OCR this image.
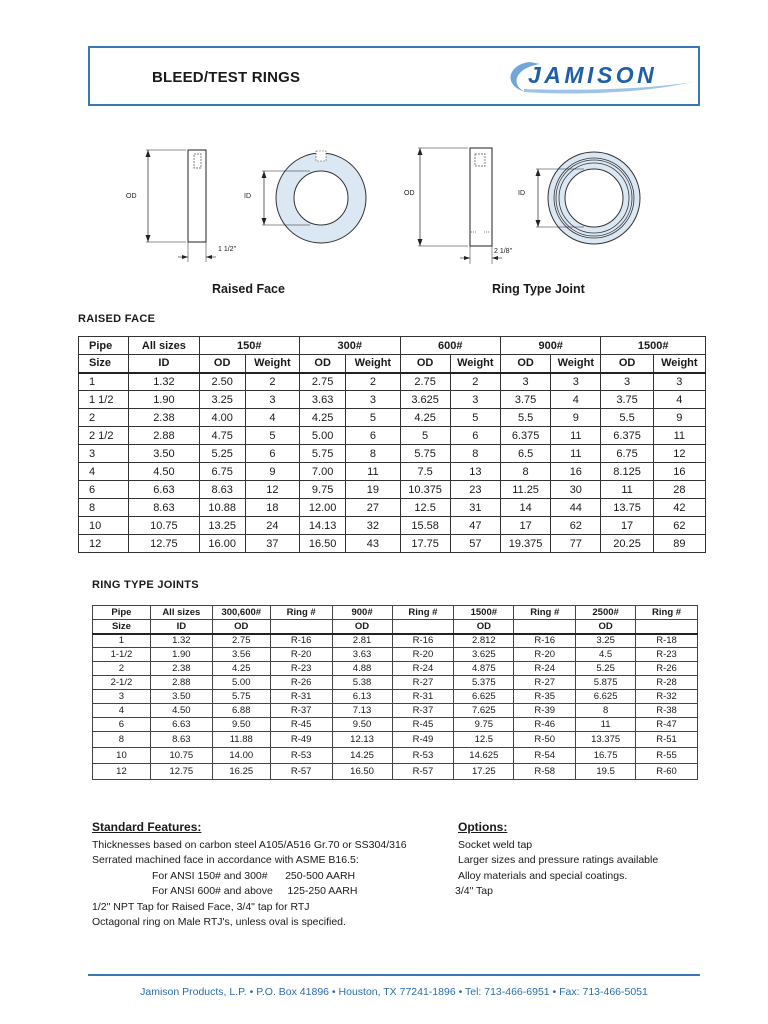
BLEED/TEST RINGS	JAMISON
OD	ID
1 1/2"
Raised Face
OD	ID
2 1/8"
Ring Type Joint
RAISED FACE
Pipe	All sizes	150#		300#		600#		900#		1500#	
Size	ID	OD	Weight	OD	Weight	OD	Weight	OD	Weight	OD	Weight
1	1.32	2.50	2	2.75	2	2.75	2	3	3	3	3
1 1/2	1.90	3.25	3	3.63	3	3.625	3	3.75	4	3.75	4
2	2.38	4.00	4	4.25	5	4.25	5	5.5	9	5.5	9
2 1/2	2.88	4.75	5	5.00	6	5	6	6.375	11	6.375	11
3	3.50	5.25	6	5.75	8	5.75	8	6.5	11	6.75	12
4	4.50	6.75	9	7.00	11	7.5	13	8	16	8.125	16
6	6.63	8.63	12	9.75	19	10.375	23	11.25	30	11	28
8	8.63	10.88	18	12.00	27	12.5	31	14	44	13.75	42
10	10.75	13.25	24	14.13	32	15.58	47	17	62	17	62
12	12.75	16.00	37	16.50	43	17.75	57	19.375	77	20.25	89
RING TYPE JOINTS
Pipe	All sizes	300,600#	Ring #	900#	Ring #	1500#	Ring #	2500#	Ring #
Size	ID	OD		OD		OD		OD	
1	1.32	2.75	R-16	2.81	R-16	2.812	R-16	3.25	R-18
1-1/2	1.90	3.56	R-20	3.63	R-20	3.625	R-20	4.5	R-23
2	2.38	4.25	R-23	4.88	R-24	4.875	R-24	5.25	R-26
2-1/2	2.88	5.00	R-26	5.38	R-27	5.375	R-27	5.875	R-28
3	3.50	5.75	R-31	6.13	R-31	6.625	R-35	6.625	R-32
4	4.50	6.88	R-37	7.13	R-37	7.625	R-39	8	R-38
6	6.63	9.50	R-45	9.50	R-45	9.75	R-46	11	R-47
8	8.63	11.88	R-49	12.13	R-49	12.5	R-50	13.375	R-51
10	10.75	14.00	R-53	14.25	R-53	14.625	R-54	16.75	R-55
12	12.75	16.25	R-57	16.50	R-57	17.25	R-58	19.5	R-60
Standard Features:
Thicknesses based on carbon steel A105/A516 Gr.70 or SS304/316
Serrated machined face in accordance with ASME B16.5:
For ANSI 150# and 300#      250-500 AARH
For ANSI 600# and above     125-250 AARH
1/2" NPT Tap for Raised Face, 3/4" tap for RTJ
Octagonal ring on Male RTJ's, unless oval is specified.
Options:
Socket weld tap
Larger sizes and pressure ratings available
Alloy materials and special coatings.
3/4" Tap
Jamison Products, L.P. • P.O. Box 41896 • Houston, TX 77241-1896 • Tel: 713-466-6951 • Fax: 713-466-5051
